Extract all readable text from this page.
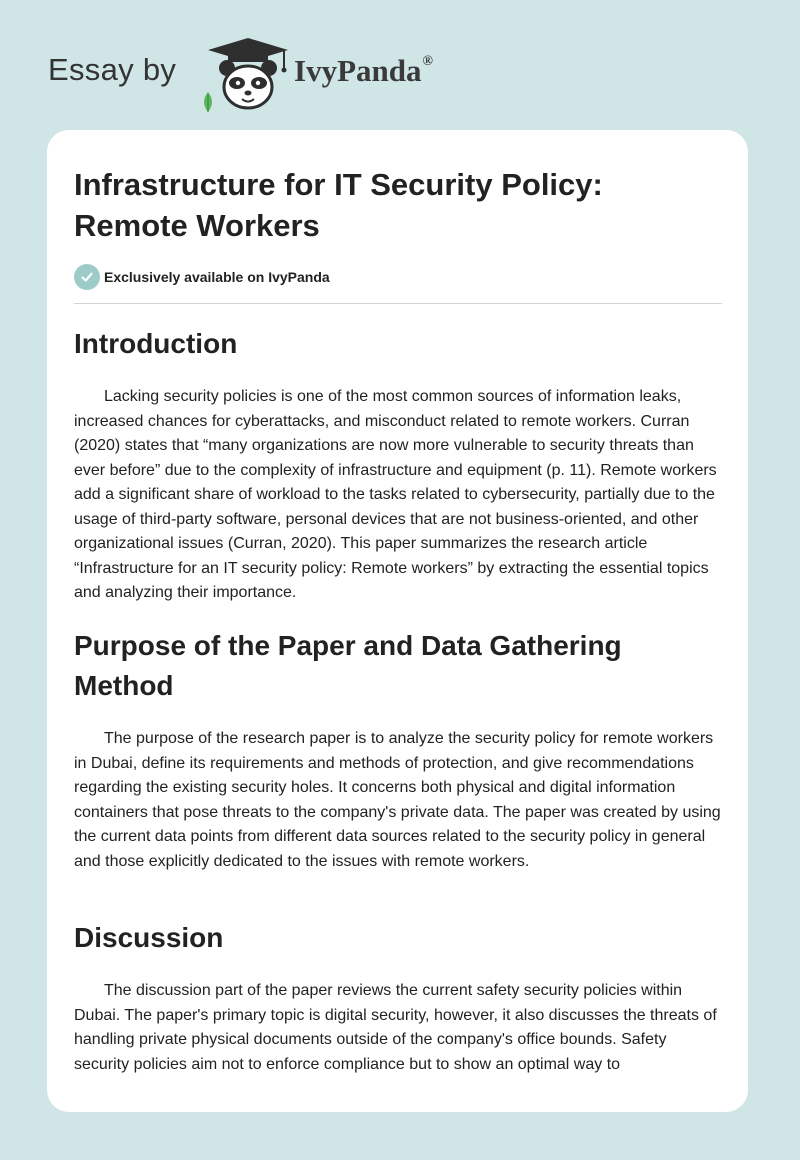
Essay by	IvyPanda®
Infrastructure for IT Security Policy: Remote Workers
Exclusively available on IvyPanda
Introduction

Lacking security policies is one of the most common sources of information leaks, increased chances for cyberattacks, and misconduct related to remote workers. Curran (2020) states that “many organizations are now more vulnerable to security threats than ever before” due to the complexity of infrastructure and equipment (p. 11). Remote workers add a significant share of workload to the tasks related to cybersecurity, partially due to the usage of third-party software, personal devices that are not business-oriented, and other organizational issues (Curran, 2020). This paper summarizes the research article “Infrastructure for an IT security policy: Remote workers” by extracting the essential topics and analyzing their importance.

Purpose of the Paper and Data Gathering Method

The purpose of the research paper is to analyze the security policy for remote workers in Dubai, define its requirements and methods of protection, and give recommendations regarding the existing security holes. It concerns both physical and digital information containers that pose threats to the company's private data. The paper was created by using the current data points from different data sources related to the security policy in general and those explicitly dedicated to the issues with remote workers.

Discussion

The discussion part of the paper reviews the current safety security policies within Dubai. The paper's primary topic is digital security, however, it also discusses the threats of handling private physical documents outside of the company's office bounds. Safety security policies aim not to enforce compliance but to show an optimal way to
